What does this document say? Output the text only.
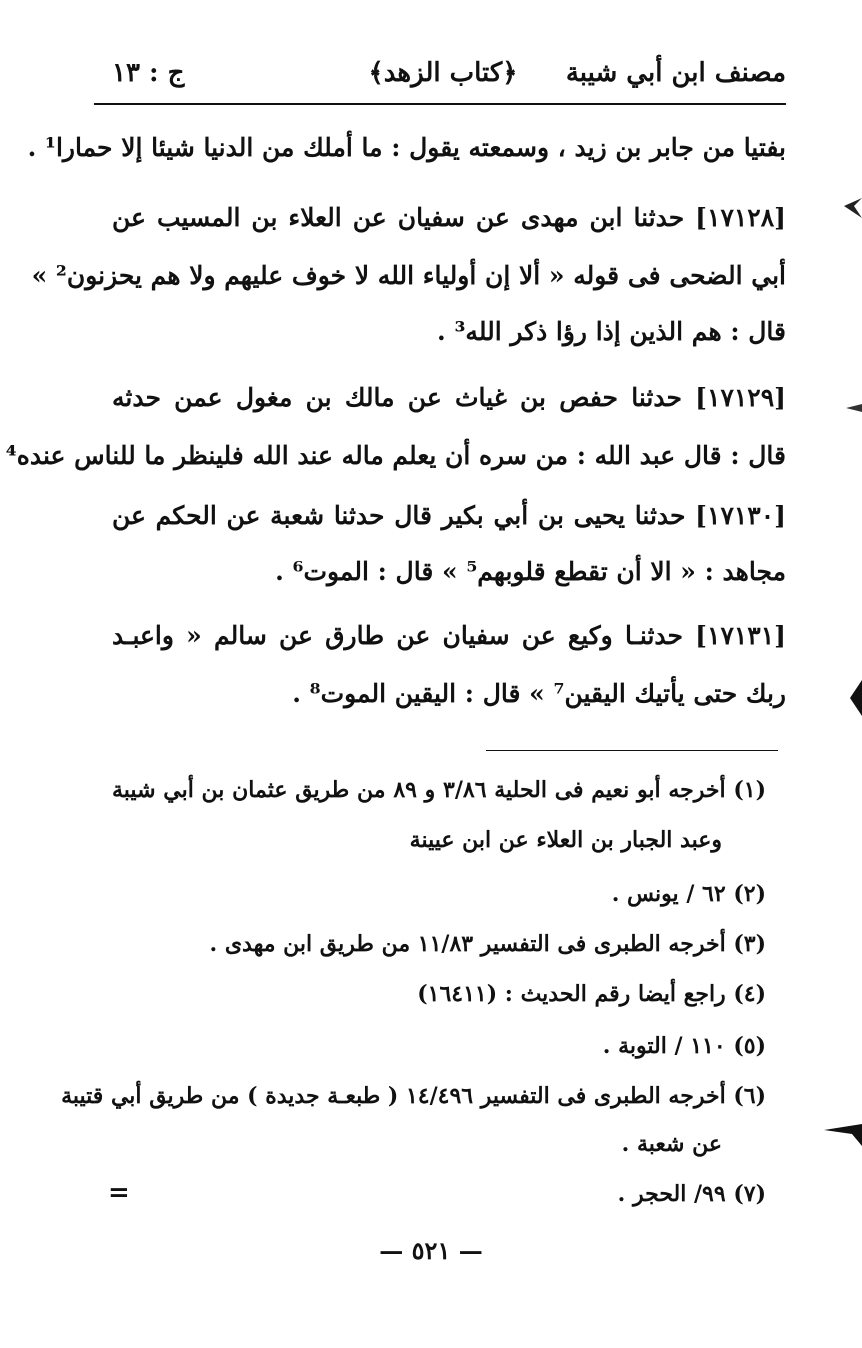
مصنف ابن أبي شيبة
﴿كتاب الزهد﴾
ج : ١٣
بفتيا من جابر بن زيد ، وسمعته يقول : ما أملك من الدنيا شيئا إلا حمارا¹ .
[١٧١٢٨] حدثنا ابن مهدى عن سفيان عن العلاء بن المسيب عن
أبي الضحى فى قوله « ألا إن أولياء الله لا خوف عليهم ولا هم يحزنون² »
قال : هم الذين إذا رؤا ذكر الله³ .
[١٧١٢٩] حدثنا حفص بن غياث عن مالك بن مغول عمن حدثه
قال : قال عبد الله : من سره أن يعلم ماله عند الله فلينظر ما للناس عنده⁴
[١٧١٣٠] حدثنا يحيى بن أبي بكير قال حدثنا شعبة عن الحكم عن
مجاهد : « الا أن تقطع قلوبهم⁵ » قال : الموت⁶ .
[١٧١٣١] حدثنـا وكيع عن سفيان عن طارق عن سالم « واعبـد
ربك حتى يأتيك اليقين⁷ » قال : اليقين الموت⁸ .
(١) أخرجه أبو نعيم فى الحلية ٣/٨٦ و ٨٩ من طريق عثمان بن أبي شيبة
وعبد الجبار بن العلاء عن ابن عيينة
(٢) ٦٢ / يونس .
(٣) أخرجه الطبرى فى التفسير ١١/٨٣ من طريق ابن مهدى .
(٤) راجع أيضا رقم الحديث : (١٦٤١١)
(٥) ١١٠ / التوبة .
(٦) أخرجه الطبرى فى التفسير ١٤/٤٩٦ ( طبعـة جديدة ) من طريق أبي قتيبة
عن شعبة .
(٧) ٩٩/ الحجر .
=
— ٥٢١ —
